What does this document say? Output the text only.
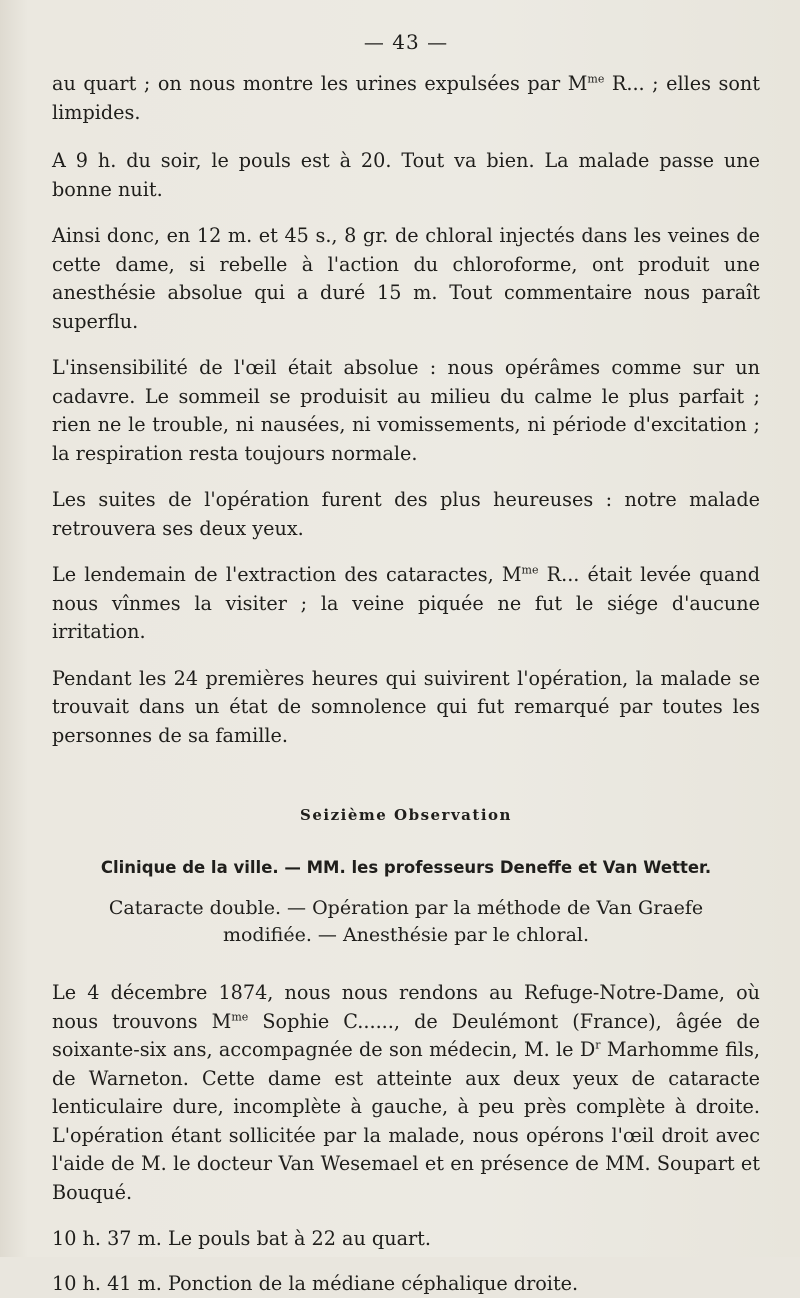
— 43 —

au quart ; on nous montre les urines expulsées par $M^{me}$ R... ; elles sont limpides.

A 9 h. du soir, le pouls est à 20. Tout va bien. La malade passe une bonne nuit.

Ainsi donc, en 12 m. et 45 s., 8 gr. de chloral injectés dans les veines de cette dame, si rebelle à l'action du chloroforme, ont produit une anesthésie absolue qui a duré 15 m. Tout commentaire nous paraît superflu.

L'insensibilité de l'œil était absolue : nous opérâmes comme sur un cadavre. Le sommeil se produisit au milieu du calme le plus parfait ; rien ne le trouble, ni nausées, ni vomissements, ni période d'excitation ; la respiration resta toujours normale.

Les suites de l'opération furent des plus heureuses : notre malade retrouvera ses deux yeux.

Le lendemain de l'extraction des cataractes, $M^{me}$ R... était levée quand nous vînmes la visiter ; la veine piquée ne fut le siége d'aucune irritation.

Pendant les 24 premières heures qui suivirent l'opération, la malade se trouvait dans un état de somnolence qui fut remarqué par toutes les personnes de sa famille.

Seizième Observation
Clinique de la ville. — MM. les professeurs Deneffe et Van Wetter.
Cataracte double. — Opération par la méthode de Van Graefe modifiée. — Anesthésie par le chloral.

Le 4 décembre 1874, nous nous rendons au Refuge-Notre-Dame, où nous trouvons $M^{me}$ Sophie C......, de Deulémont (France), âgée de soixante-six ans, accompagnée de son médecin, M. le $D^r$ Marhomme fils, de Warneton. Cette dame est atteinte aux deux yeux de cataracte lenticulaire dure, incomplète à gauche, à peu près complète à droite. L'opération étant sollicitée par la malade, nous opérons l'œil droit avec l'aide de M. le docteur Van Wesemael et en présence de MM. Soupart et Bouqué.

10 h. 37 m. Le pouls bat à 22 au quart.

10 h. 41 m. Ponction de la médiane céphalique droite.
